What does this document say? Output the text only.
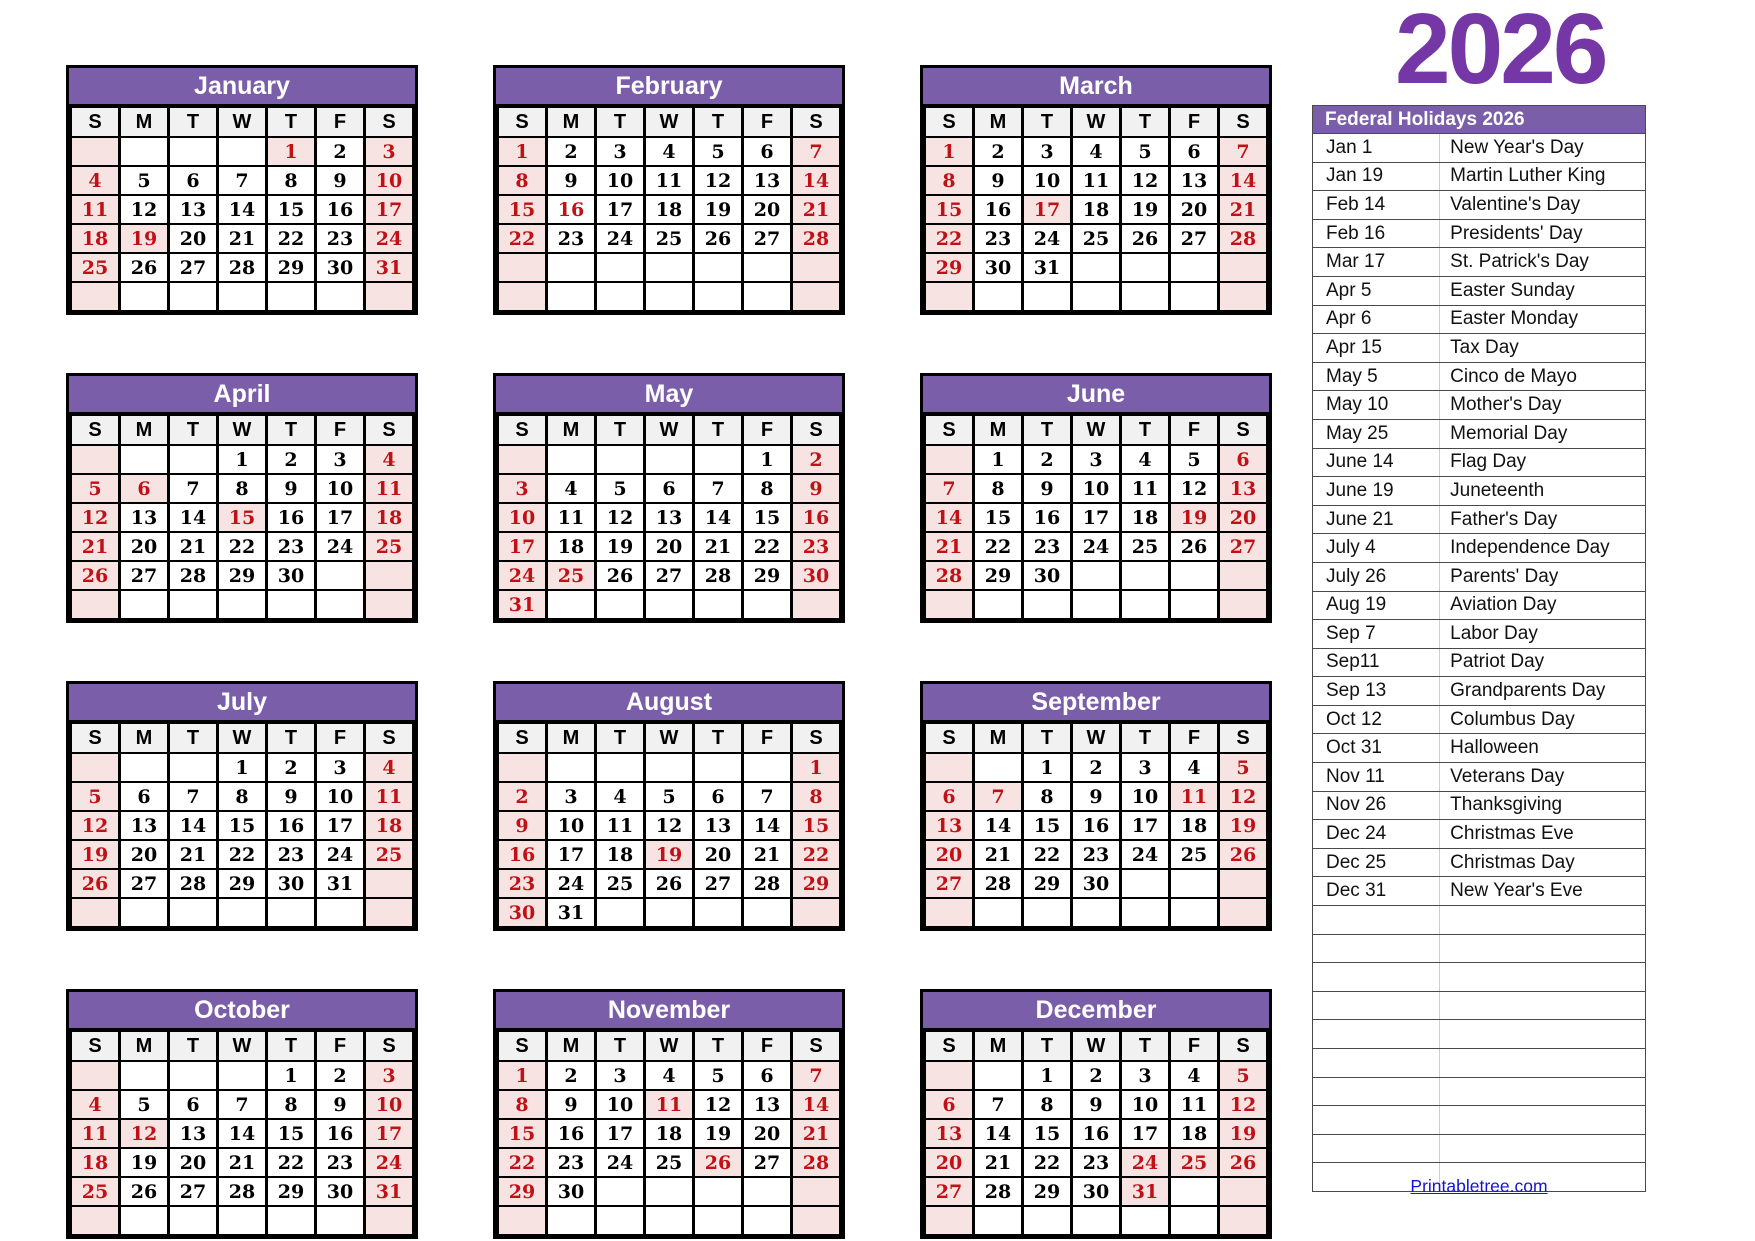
2026
January
S	M	T	W	T	F	S
				1	2	3
4	5	6	7	8	9	10
11	12	13	14	15	16	17
18	19	20	21	22	23	24
25	26	27	28	29	30	31

February
S	M	T	W	T	F	S
1	2	3	4	5	6	7
8	9	10	11	12	13	14
15	16	17	18	19	20	21
22	23	24	25	26	27	28

March
S	M	T	W	T	F	S
1	2	3	4	5	6	7
8	9	10	11	12	13	14
15	16	17	18	19	20	21
22	23	24	25	26	27	28
29	30	31				

April
S	M	T	W	T	F	S
			1	2	3	4
5	6	7	8	9	10	11
12	13	14	15	16	17	18
21	20	21	22	23	24	25
26	27	28	29	30		

May
S	M	T	W	T	F	S
					1	2
3	4	5	6	7	8	9
10	11	12	13	14	15	16
17	18	19	20	21	22	23
24	25	26	27	28	29	30
31						
June
S	M	T	W	T	F	S
	1	2	3	4	5	6
7	8	9	10	11	12	13
14	15	16	17	18	19	20
21	22	23	24	25	26	27
28	29	30				

July
S	M	T	W	T	F	S
			1	2	3	4
5	6	7	8	9	10	11
12	13	14	15	16	17	18
19	20	21	22	23	24	25
26	27	28	29	30	31	

August
S	M	T	W	T	F	S
						1
2	3	4	5	6	7	8
9	10	11	12	13	14	15
16	17	18	19	20	21	22
23	24	25	26	27	28	29
30	31					
September
S	M	T	W	T	F	S
		1	2	3	4	5
6	7	8	9	10	11	12
13	14	15	16	17	18	19
20	21	22	23	24	25	26
27	28	29	30			

October
S	M	T	W	T	F	S
				1	2	3
4	5	6	7	8	9	10
11	12	13	14	15	16	17
18	19	20	21	22	23	24
25	26	27	28	29	30	31

November
S	M	T	W	T	F	S
1	2	3	4	5	6	7
8	9	10	11	12	13	14
15	16	17	18	19	20	21
22	23	24	25	26	27	28
29	30					

December
S	M	T	W	T	F	S
		1	2	3	4	5
6	7	8	9	10	11	12
13	14	15	16	17	18	19
20	21	22	23	24	25	26
27	28	29	30	31		

Federal Holidays 2026
Jan 1	New Year's Day
Jan 19	Martin Luther King
Feb 14	Valentine's Day
Feb 16	Presidents' Day
Mar 17	St. Patrick's Day
Apr 5	Easter Sunday
Apr 6	Easter Monday
Apr 15	Tax Day
May 5	Cinco de Mayo
May 10	Mother's Day
May 25	Memorial Day
June 14	Flag Day
June 19	Juneteenth
June 21	Father's Day
July 4	Independence Day
July 26	Parents' Day
Aug 19	Aviation Day
Sep 7	Labor Day
Sep11	Patriot Day
Sep 13	Grandparents Day
Oct 12	Columbus Day
Oct 31	Halloween
Nov 11	Veterans Day
Nov 26	Thanksgiving
Dec 24	Christmas Eve
Dec 25	Christmas Day
Dec 31	New Year's Eve
Printabletree.com
